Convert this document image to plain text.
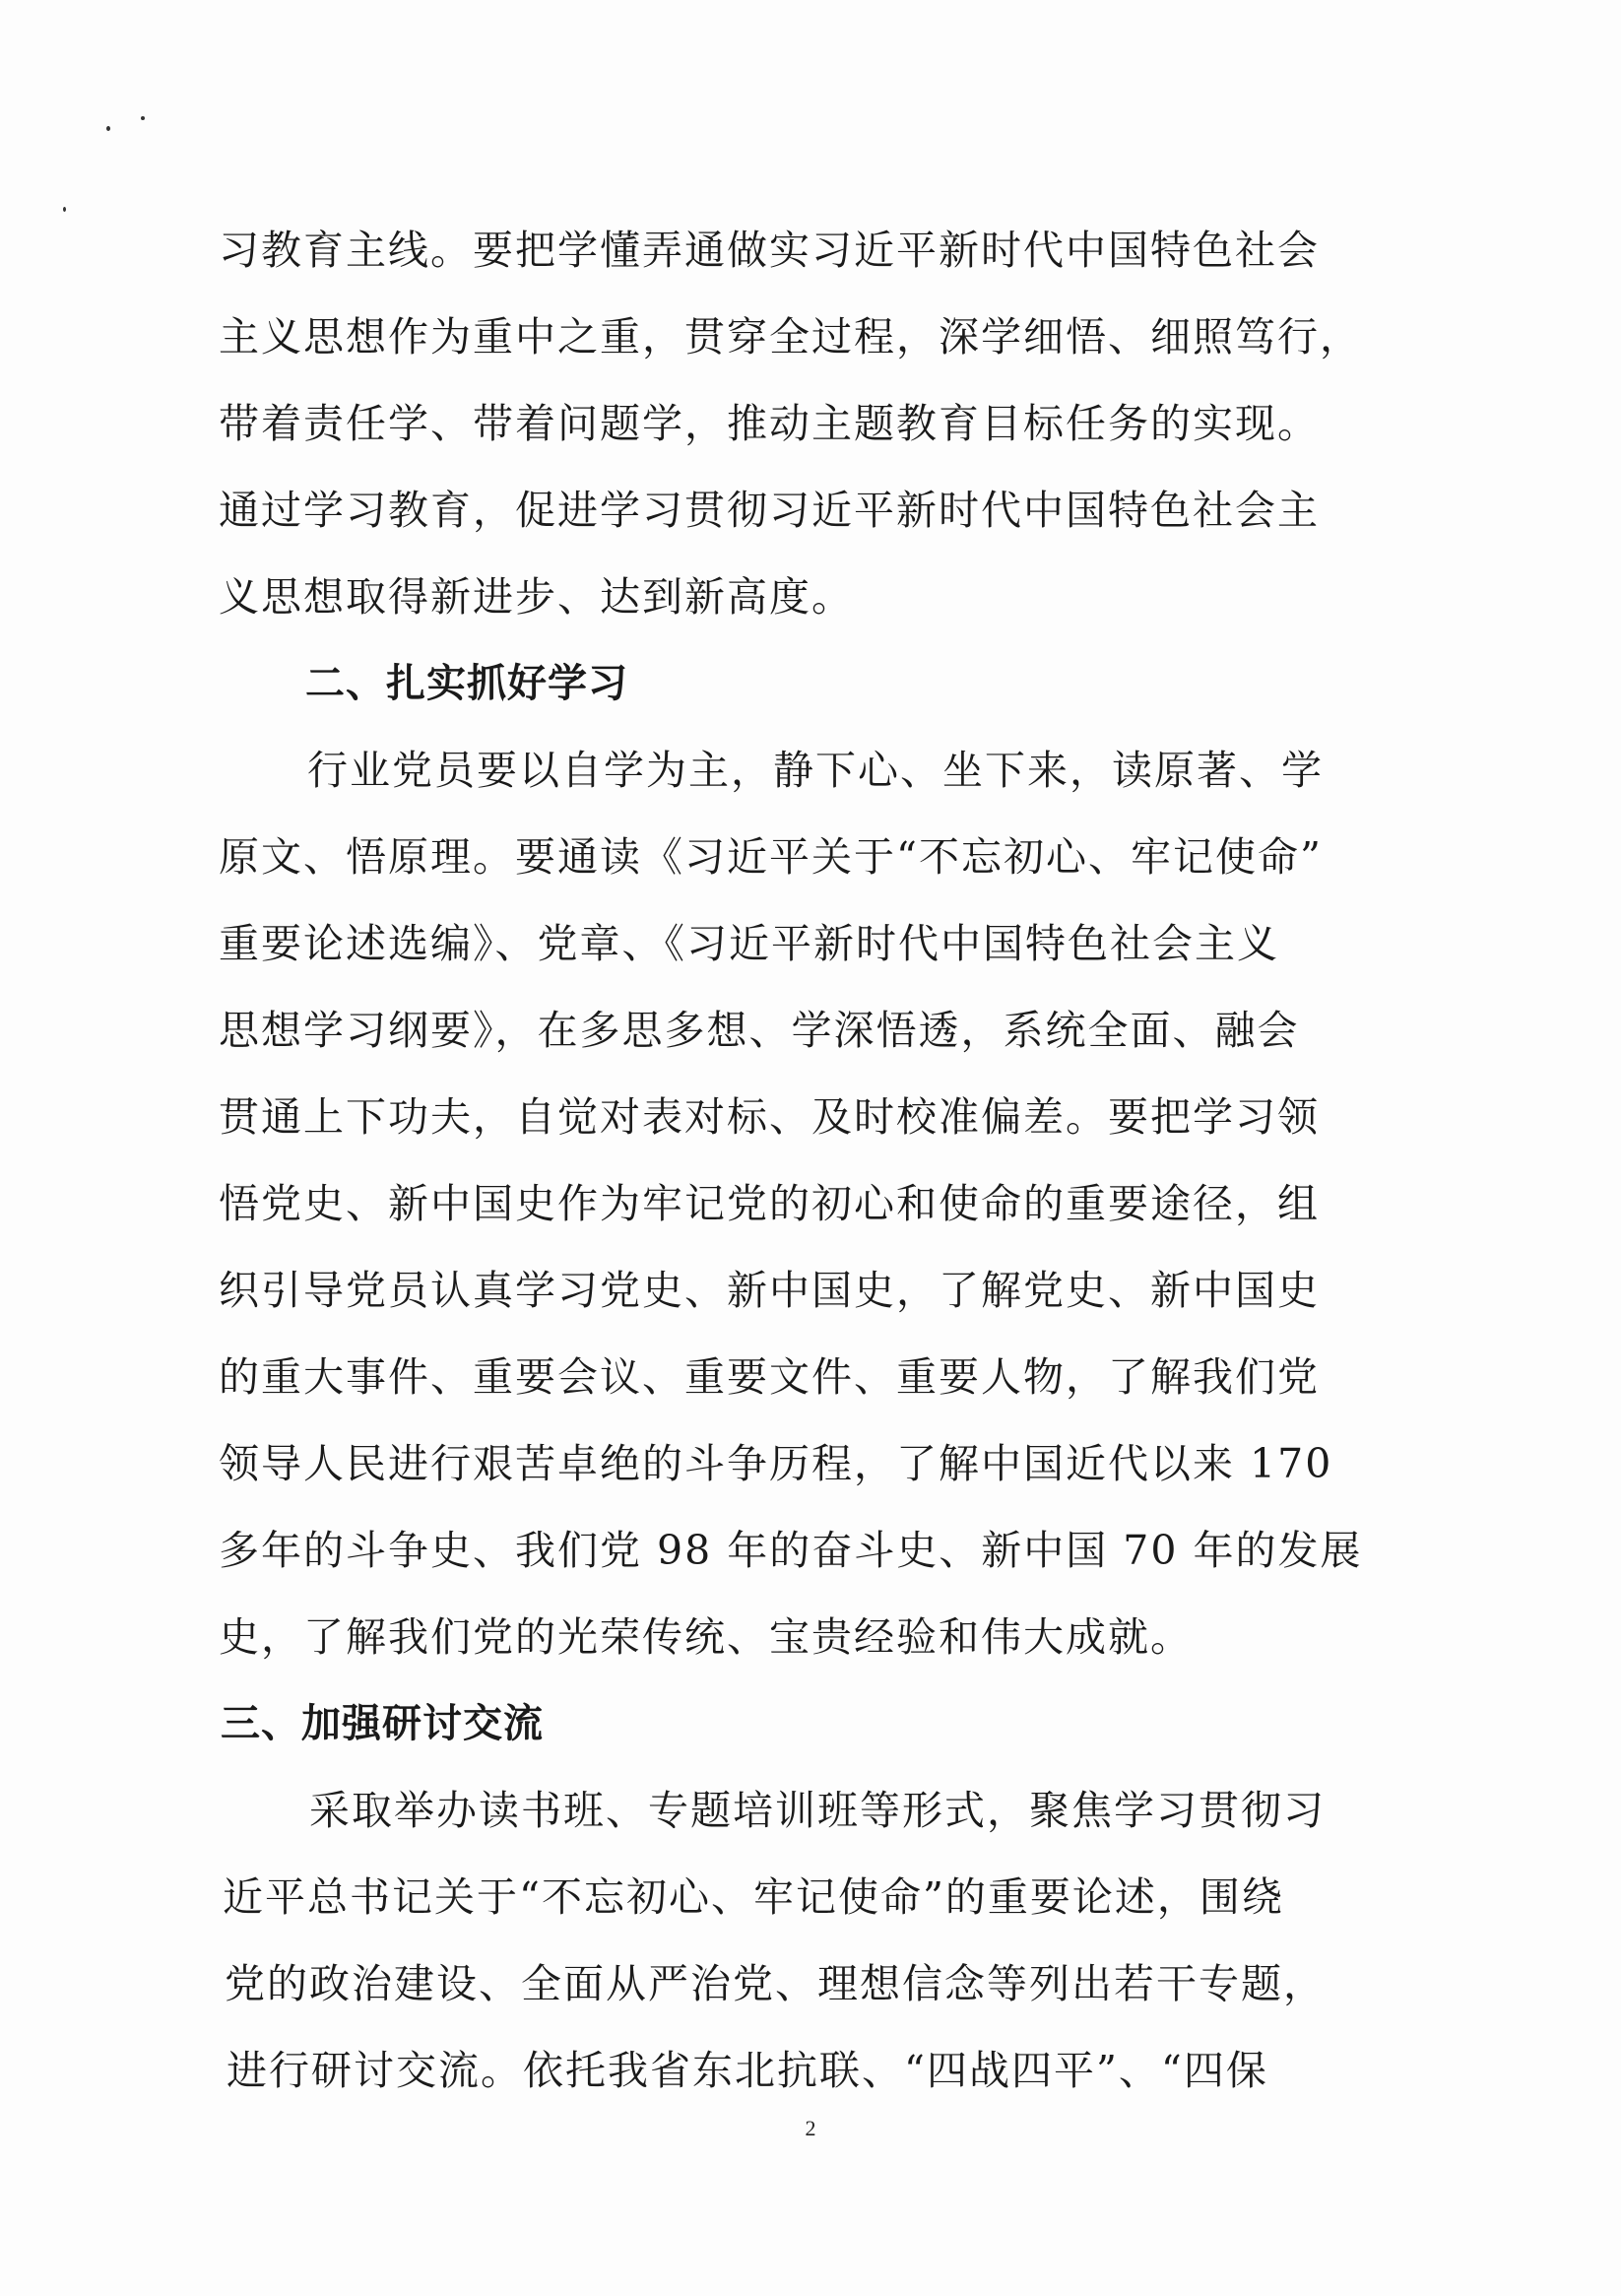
习教育主线。要把学懂弄通做实习近平新时代中国特色社会
主义思想作为重中之重，贯穿全过程，深学细悟、细照笃行，
带着责任学、带着问题学，推动主题教育目标任务的实现。
通过学习教育，促进学习贯彻习近平新时代中国特色社会主
义思想取得新进步、达到新高度。
二、扎实抓好学习
行业党员要以自学为主，静下心、坐下来，读原著、学
原文、悟原理。要通读《习近平关于“不忘初心、牢记使命”
重要论述选编》、党章、《习近平新时代中国特色社会主义
思想学习纲要》，在多思多想、学深悟透，系统全面、融会
贯通上下功夫，自觉对表对标、及时校准偏差。要把学习领
悟党史、新中国史作为牢记党的初心和使命的重要途径，组
织引导党员认真学习党史、新中国史，了解党史、新中国史
的重大事件、重要会议、重要文件、重要人物，了解我们党
领导人民进行艰苦卓绝的斗争历程，了解中国近代以来 170
多年的斗争史、我们党 98 年的奋斗史、新中国 70 年的发展
史，了解我们党的光荣传统、宝贵经验和伟大成就。
三、加强研讨交流
采取举办读书班、专题培训班等形式，聚焦学习贯彻习
近平总书记关于“不忘初心、牢记使命”的重要论述，围绕
党的政治建设、全面从严治党、理想信念等列出若干专题，
进行研讨交流。依托我省东北抗联、“四战四平”、“四保
2
